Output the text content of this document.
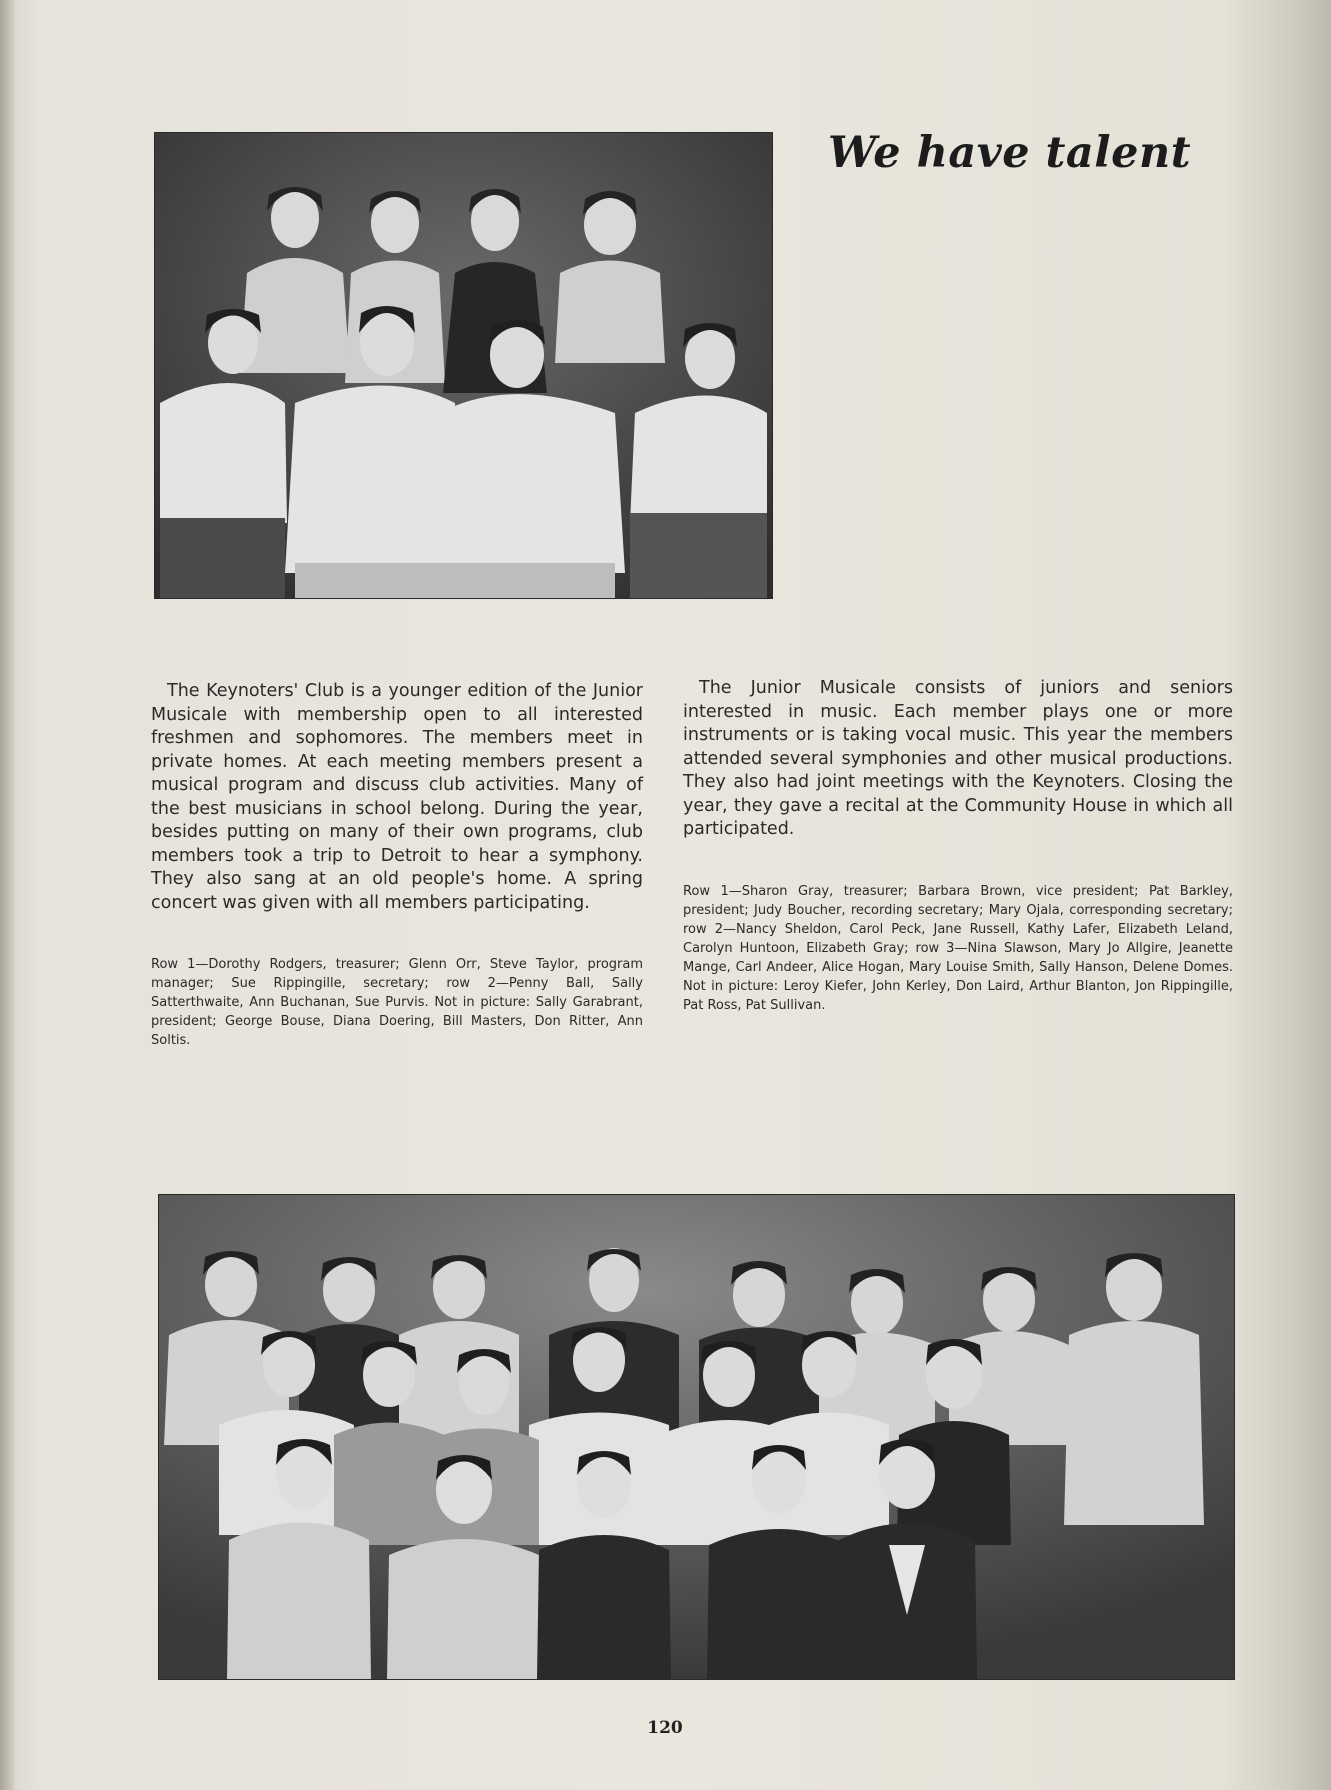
We have talent

The Keynoters' Club is a younger edition of the Junior Musicale with membership open to all interested freshmen and sophomores. The members meet in private homes. At each meeting members present a musical program and discuss club activities. Many of the best musicians in school belong. During the year, besides putting on many of their own programs, club members took a trip to Detroit to hear a symphony. They also sang at an old people's home. A spring concert was given with all members participating.

Row 1—Dorothy Rodgers, treasurer; Glenn Orr, Steve Taylor, program manager; Sue Rippingille, secretary; row 2—Penny Ball, Sally Satterthwaite, Ann Buchanan, Sue Purvis. Not in picture: Sally Garabrant, president; George Bouse, Diana Doering, Bill Masters, Don Ritter, Ann Soltis.

The Junior Musicale consists of juniors and seniors interested in music. Each member plays one or more instruments or is taking vocal music. This year the members attended several symphonies and other musical productions. They also had joint meetings with the Keynoters. Closing the year, they gave a recital at the Community House in which all participated.

Row 1—Sharon Gray, treasurer; Barbara Brown, vice president; Pat Barkley, president; Judy Boucher, recording secretary; Mary Ojala, corresponding secretary; row 2—Nancy Sheldon, Carol Peck, Jane Russell, Kathy Lafer, Elizabeth Leland, Carolyn Huntoon, Elizabeth Gray; row 3—Nina Slawson, Mary Jo Allgire, Jeanette Mange, Carl Andeer, Alice Hogan, Mary Louise Smith, Sally Hanson, Delene Domes. Not in picture: Leroy Kiefer, John Kerley, Don Laird, Arthur Blanton, Jon Rippingille, Pat Ross, Pat Sullivan.

120
